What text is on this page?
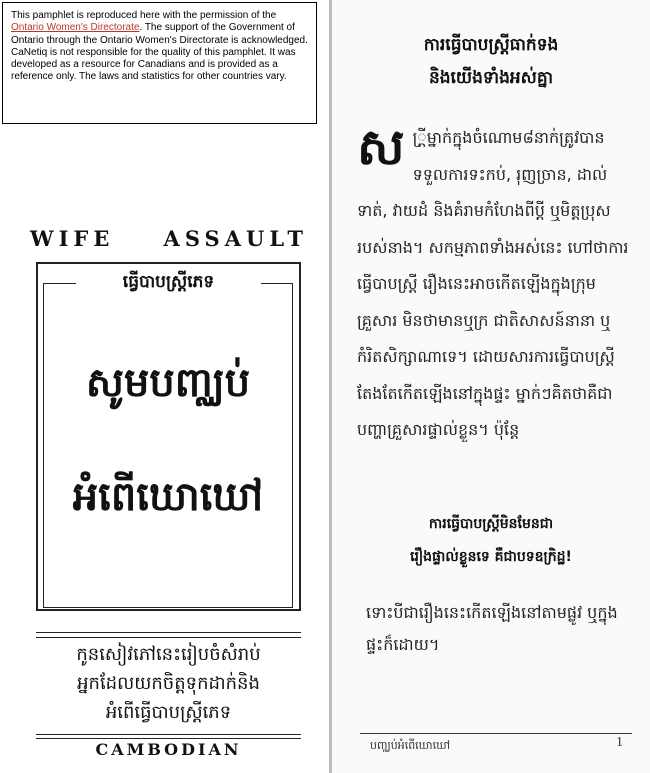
This pamphlet is reproduced here with the permission of the Ontario Women's Directorate. The support of the Government of Ontario through the Ontario Women's Directorate is acknowledged. CaNetiq is not responsible for the quality of this pamphlet. It was developed as a resource for Canadians and is provided as a reference only. The laws and statistics for other countries vary.
WIFE ASSAULT
ធ្វើបាបស្ត្រីភេទ
សូមបញ្ឈប់
អំពើឃោឃៅ
កូនសៀវភៅនេះរៀបចំសំរាប់
អ្នកដែលយកចិត្តទុកដាក់និង
អំពើធ្វើបាបស្ត្រីភេទ
CAMBODIAN
ការធ្វើបាបស្ត្រីធាក់ទង
និងយើងទាំងអស់គ្នា
ស ្ត្រីម្នាក់ក្នុងចំណោម៨នាក់ត្រូវបានទទួលការទះកប់, រុញច្រាន, ដាល់ទាត់, វាយដំ និងគំរាមកំហែងពីប្តី ឬមិត្តប្រុសរបស់នាង។ សកម្មភាពទាំងអស់នេះ ហៅថាការធ្វើបាបស្ត្រី រឿងនេះអាចកើតឡើងក្នុងក្រុមគ្រួសារ មិនថាមានឬក្រ ជាតិសាសន៍នានា ឬកំរិតសិក្សាណាទេ។ ដោយសារការធ្វើបាបស្ត្រីតែងតែកើតឡើងនៅក្នុងផ្ទះ ម្នាក់ៗគិតថាគឺជាបញ្ហាគ្រួសារផ្ទាល់ខ្លួន។ ប៉ុន្តែ
ការធ្វើបាបស្ត្រីមិនមែនជា
រឿងផ្ទាល់ខ្លួនទេ គឺជាបទឧក្រិដ្ឋ!
ទោះបីជារឿងនេះកើតឡើងនៅតាមផ្លូវ ឬក្នុងផ្ទះក៏ដោយ។
បញ្ឈប់អំពើឃោឃៅ	1
